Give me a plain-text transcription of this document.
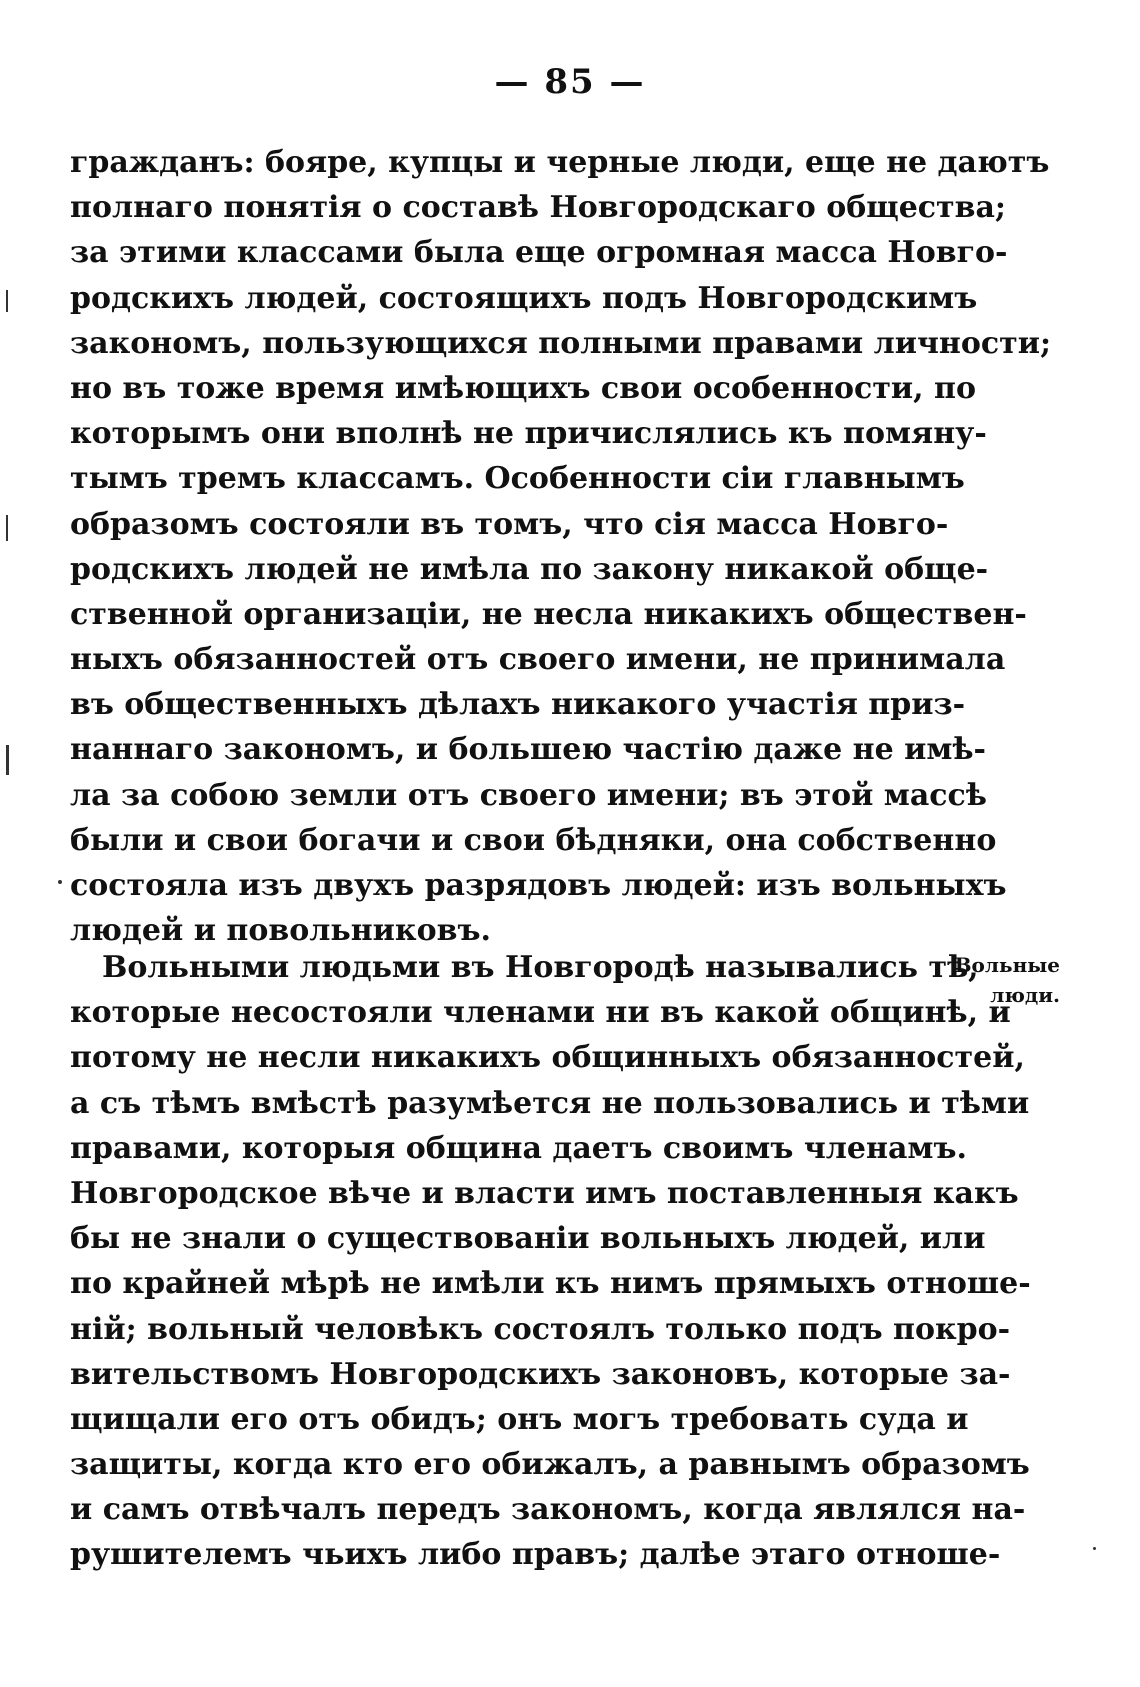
— 85 —
гражданъ: бояре, купцы и черные люди, еще не даютъ
полнаго понятія о составѣ Новгородскаго общества;
за этими классами была еще огромная масса Новго-
родскихъ людей, состоящихъ подъ Новгородскимъ
закономъ, пользующихся полными правами личности;
но въ тоже время имѣющихъ свои особенности, по
которымъ они вполнѣ не причислялись къ помяну-
тымъ тремъ классамъ. Особенности сіи главнымъ
образомъ состояли въ томъ, что сія масса Новго-
родскихъ людей не имѣла по закону никакой обще-
ственной организаціи, не несла никакихъ обществен-
ныхъ обязанностей отъ своего имени, не принимала
въ общественныхъ дѣлахъ никакого участія приз-
наннаго закономъ, и большею частію даже не имѣ-
ла за собою земли отъ своего имени; въ этой массѣ
были и свои богачи и свои бѣдняки, она собственно
состояла изъ двухъ разрядовъ людей: изъ вольныхъ
людей и повольниковъ.
Вольными людьми въ Новгородѣ назывались тѣ,
которые несостояли членами ни въ какой общинѣ, и
потому не несли никакихъ общинныхъ обязанностей,
а съ тѣмъ вмѣстѣ разумѣется не пользовались и тѣми
правами, которыя община даетъ своимъ членамъ.
Новгородское вѣче и власти имъ поставленныя какъ
бы не знали о существованіи вольныхъ людей, или
по крайней мѣрѣ не имѣли къ нимъ прямыхъ отноше-
ній; вольный человѣкъ состоялъ только подъ покро-
вительствомъ Новгородскихъ законовъ, которые за-
щищали его отъ обидъ; онъ могъ требовать суда и
защиты, когда кто его обижалъ, а равнымъ образомъ
и самъ отвѣчалъ передъ закономъ, когда являлся на-
рушителемъ чьихъ либо правъ; далѣе этаго отноше-
Вольные
люди.
